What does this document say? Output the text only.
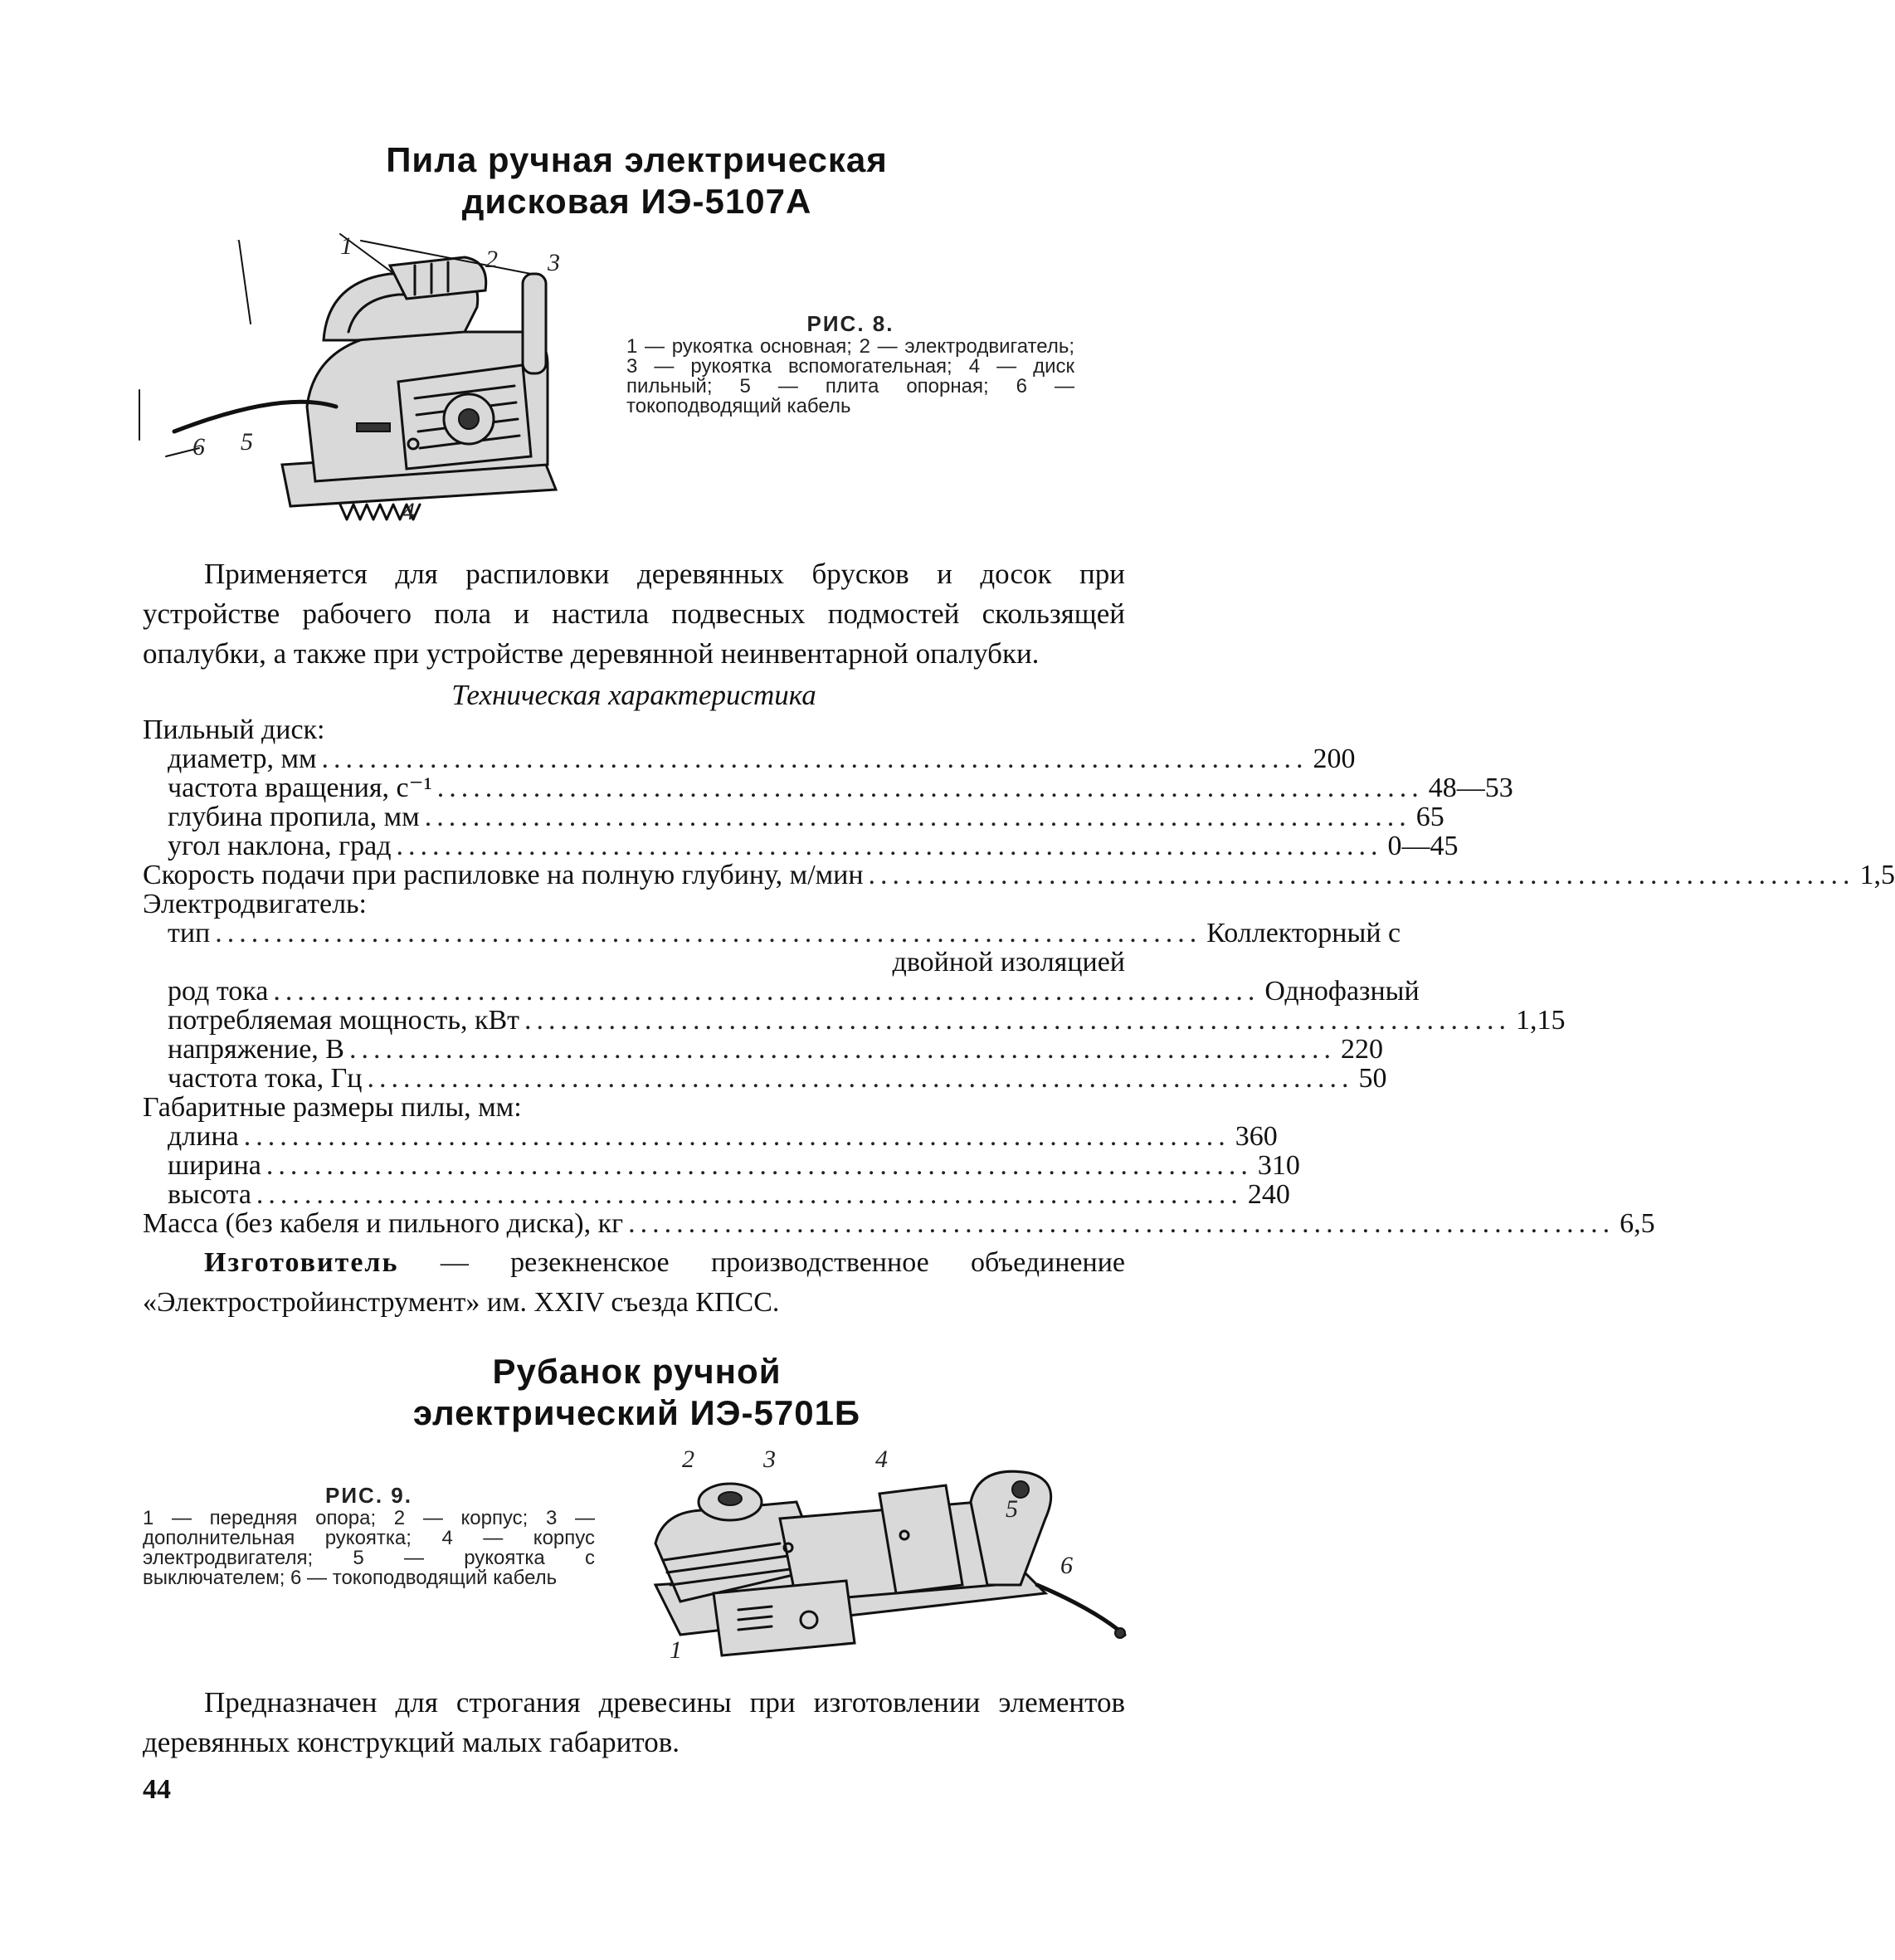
Пила ручная электрическая
дисковая ИЭ-5107А
1	2 3
4
5
6
РИС. 8.
1 — рукоятка основная; 2 — электродвигатель; 3 — рукоятка вспомогательная; 4 — диск пильный; 5 — плита опорная; 6 — токоподводящий кабель
Применяется для распиловки деревянных брусков и досок при устройстве рабочего пола и настила подвесных подмостей скользящей опалубки, а также при устройстве деревянной неинвентарной опалубки.
Техническая характеристика
Пильный диск:
диаметр, мм .................................................................................. 200
частота вращения, с⁻¹ .................................................................................. 48—53
глубина пропила, мм .................................................................................. 65
угол наклона, град .................................................................................. 0—45
Скорость подачи при распиловке на полную глубину, м/мин .................................................................................. 1,5
Электродвигатель:
тип .................................................................................. Коллекторный с
двойной изоляцией
род тока .................................................................................. Однофазный
потребляемая мощность, кВт .................................................................................. 1,15
напряжение, В .................................................................................. 220
частота тока, Гц .................................................................................. 50
Габаритные размеры пилы, мм:
длина .................................................................................. 360
ширина .................................................................................. 310
высота .................................................................................. 240
Масса (без кабеля и пильного диска), кг .................................................................................. 6,5
Изготовитель — резекненское производственное объединение «Электростройинструмент» им. XXIV съезда КПСС.
Рубанок ручной
электрический ИЭ-5701Б
РИС. 9.
1 — передняя опора; 2 — корпус; 3 — дополнительная рукоятка; 4 — корпус электродвигателя; 5 — рукоятка с выключателем; 6 — токоподводящий кабель
2	3	4
5
6
1
Предназначен для строгания древесины при изготовлении элементов деревянных конструкций малых габаритов.
44
